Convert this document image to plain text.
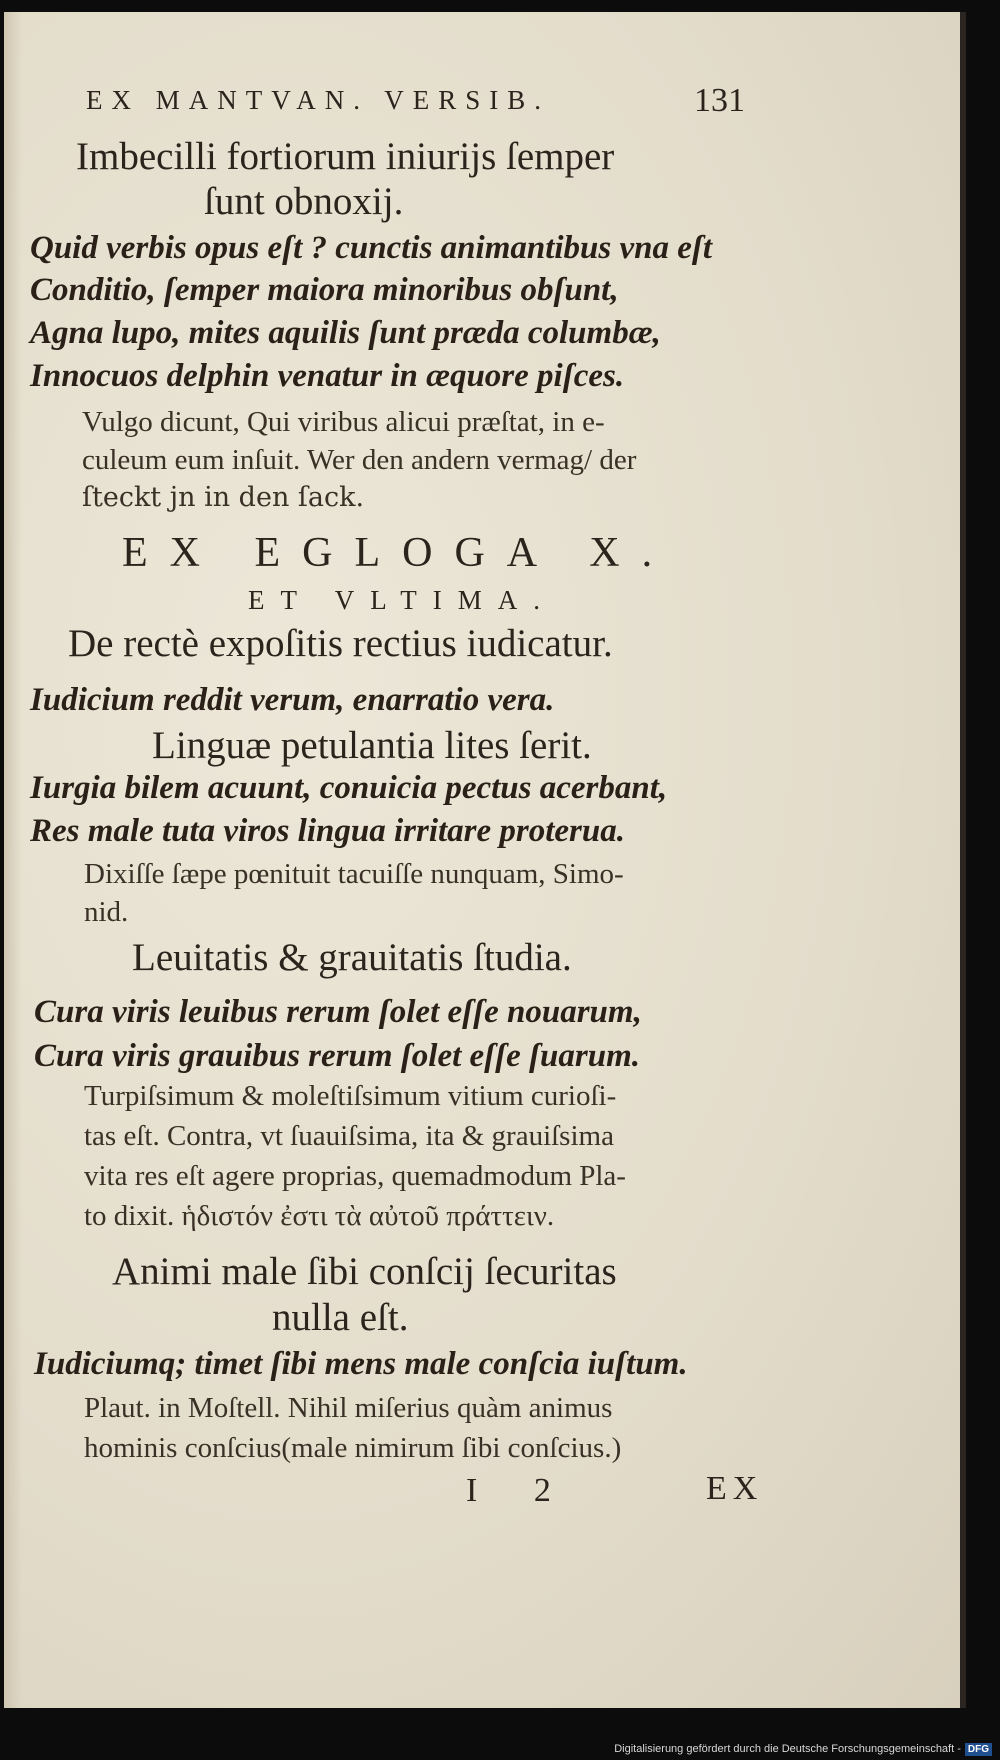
EX MANTVAN. VERSIB.	131
Imbecilli fortiorum iniurijs ſemper
ſunt obnoxij.
Quid verbis opus eſt ? cunctis animantibus vna eſt
Conditio, ſemper maiora minoribus obſunt,
Agna lupo, mites aquilis ſunt præda columbæ,
Innocuos delphin venatur in æquore piſces.
Vulgo dicunt, Qui viribus alicui præſtat, in e-
culeum eum inſuit. Wer den andern vermag/ der
ſteckt jn in den ſack.
EX EGLOGA X.
ET VLTIMA.
De rectè expoſitis rectius iudicatur.
Iudicium reddit verum, enarratio vera.
Linguæ petulantia lites ſerit.
Iurgia bilem acuunt, conuicia pectus acerbant,
Res male tuta viros lingua irritare proterua.
Dixiſſe ſæpe pœnituit tacuiſſe nunquam, Simo-
nid.
Leuitatis & grauitatis ſtudia.
Cura viris leuibus rerum ſolet eſſe nouarum,
Cura viris grauibus rerum ſolet eſſe ſuarum.
Turpiſsimum & moleſtiſsimum vitium curioſi-
tas eſt. Contra, vt ſuauiſsima, ita & grauiſsima
vita res eſt agere proprias, quemadmodum Pla-
to dixit. ἡδιστόν ἐστι τὰ αὐτοῦ πράττειν.
Animi male ſibi conſcij ſecuritas
nulla eſt.
Iudiciumq; timet ſibi mens male conſcia iuſtum.
Plaut. in Moſtell. Nihil miſerius quàm animus
hominis conſcius(male nimirum ſibi conſcius.)
I 2	EX
Digitalisierung gefördert durch die Deutsche Forschungsgemeinschaft - DFG
